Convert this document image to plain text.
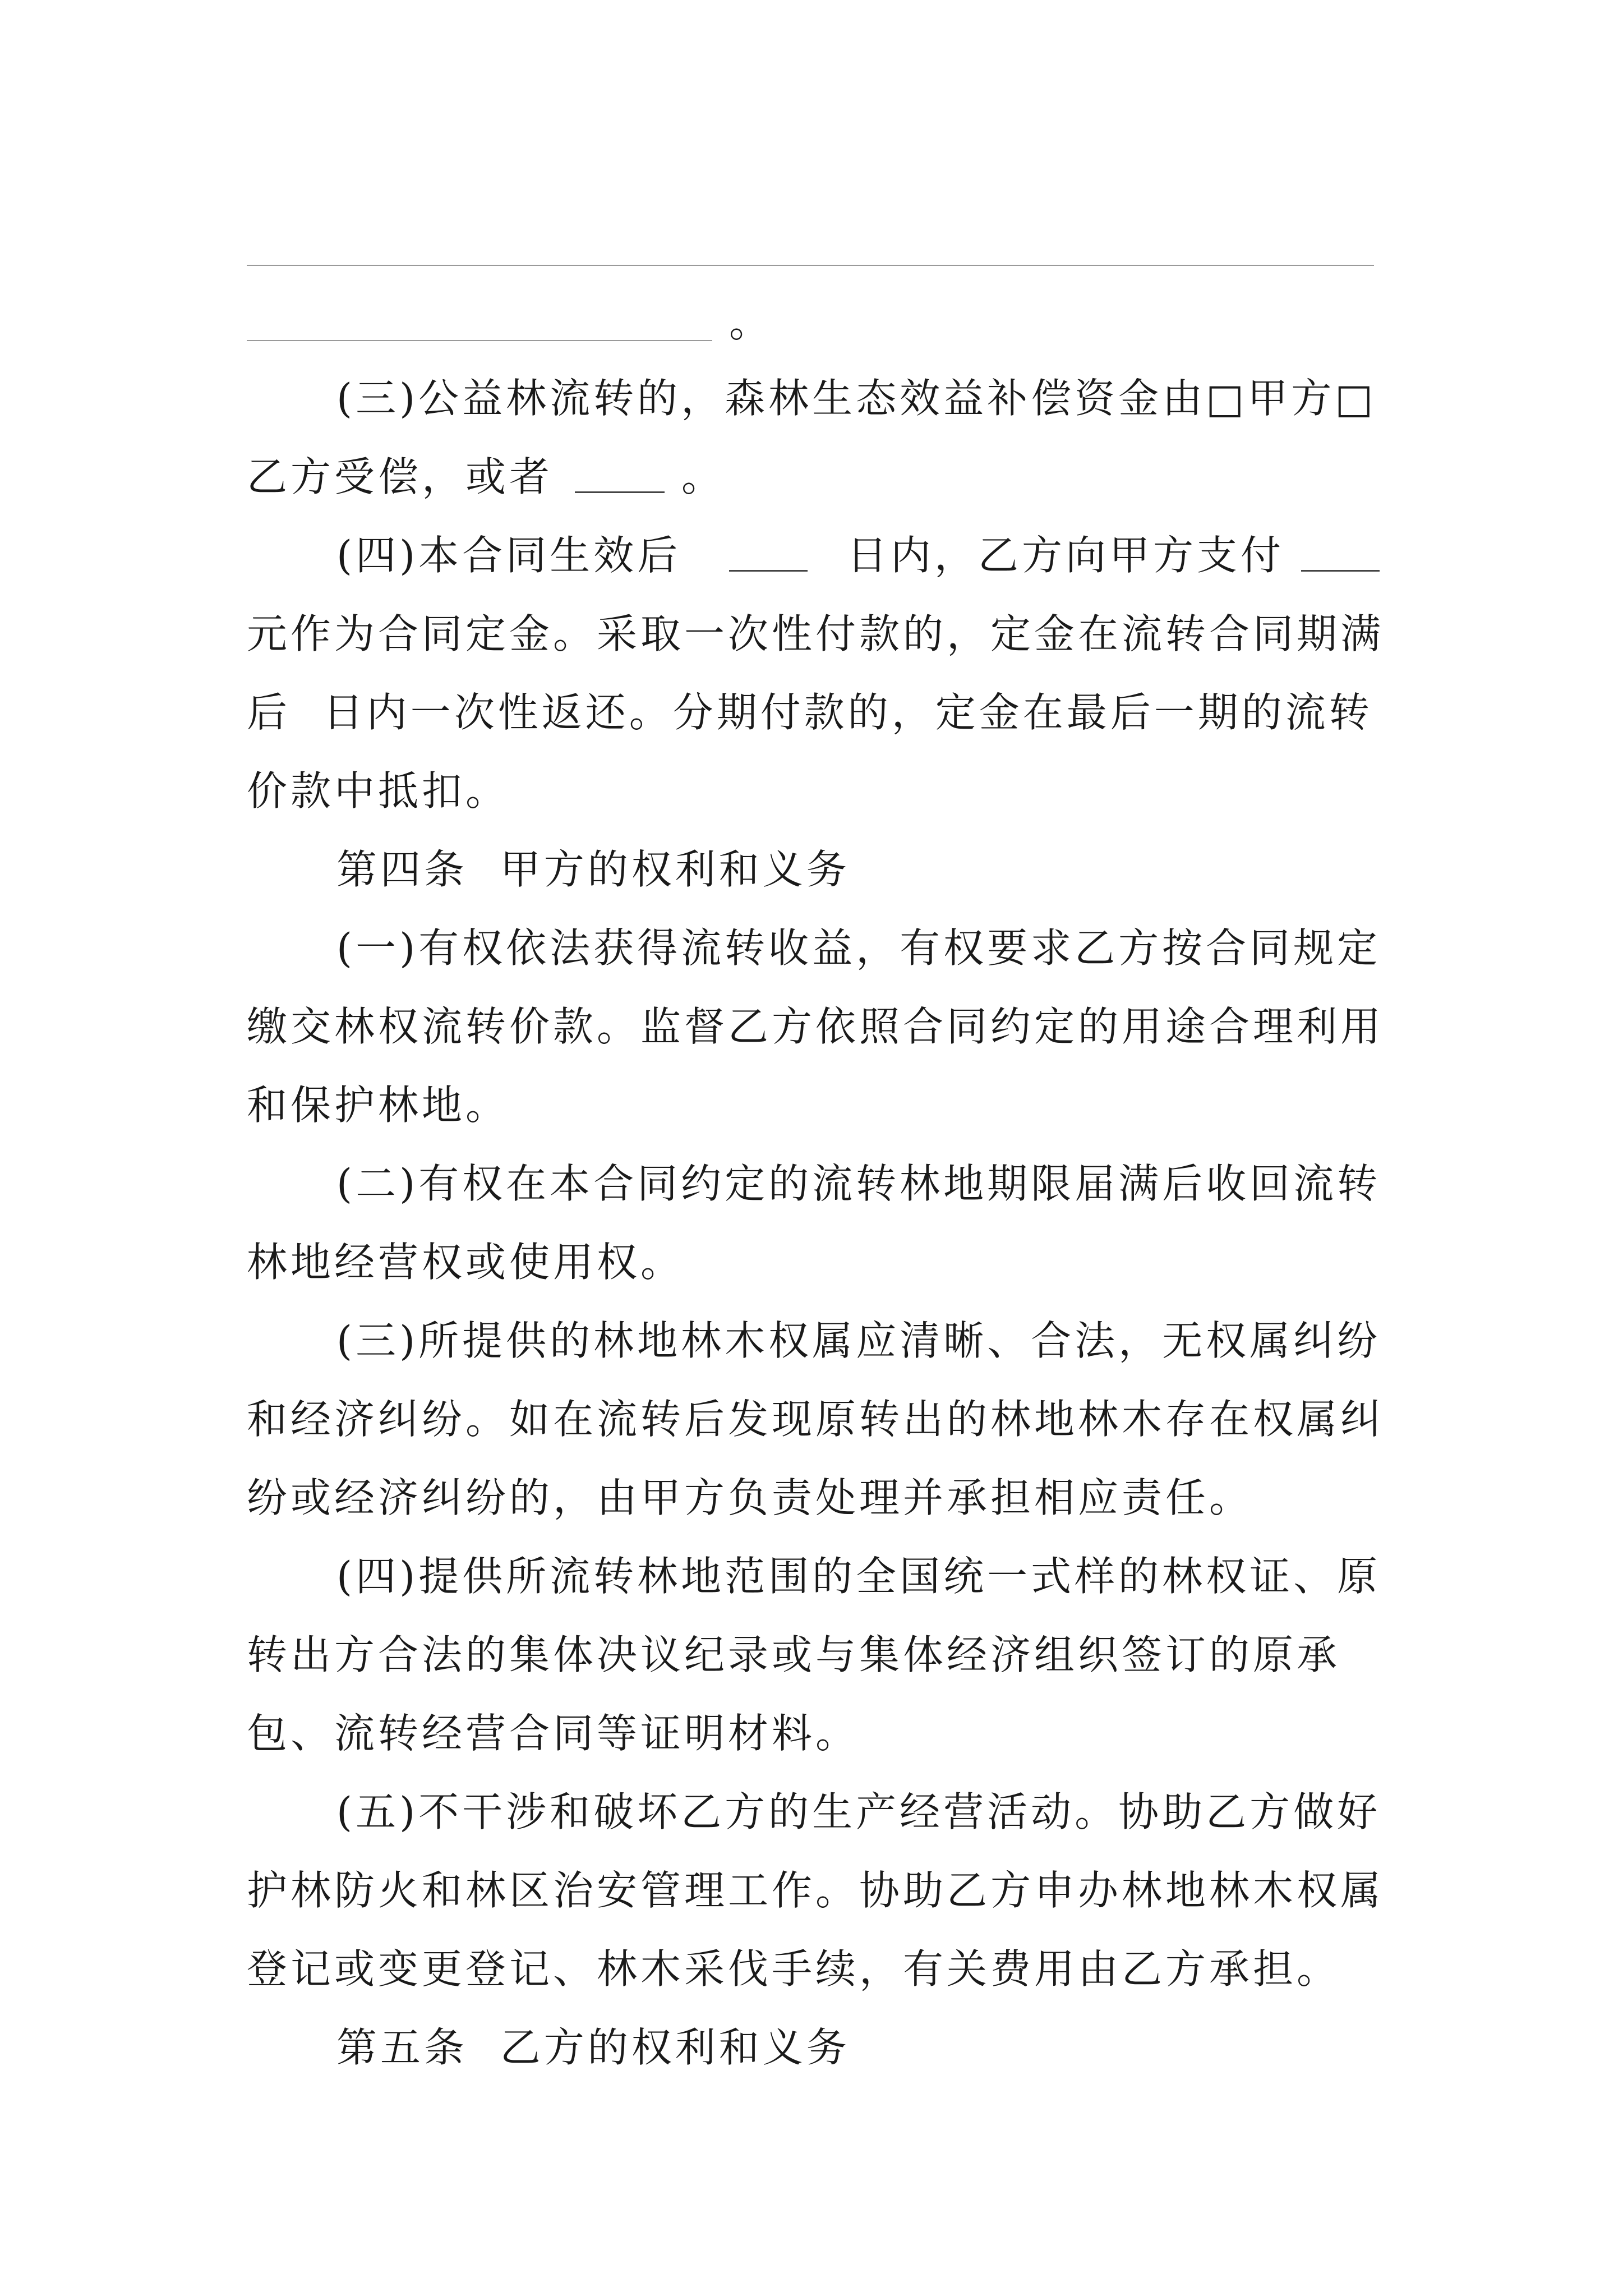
。
(三)公益林流转的，森林生态效益补偿资金由□甲方□
乙方受偿，或者	。
(四)本合同生效后	日内，乙方向甲方支付
元作为合同定金。采取一次性付款的，定金在流转合同期满
后  日内一次性返还。分期付款的，定金在最后一期的流转
价款中抵扣。
第四条  甲方的权利和义务
(一)有权依法获得流转收益，有权要求乙方按合同规定
缴交林权流转价款。监督乙方依照合同约定的用途合理利用
和保护林地。
(二)有权在本合同约定的流转林地期限届满后收回流转
林地经营权或使用权。
(三)所提供的林地林木权属应清晰、合法，无权属纠纷
和经济纠纷。如在流转后发现原转出的林地林木存在权属纠
纷或经济纠纷的，由甲方负责处理并承担相应责任。
(四)提供所流转林地范围的全国统一式样的林权证、原
转出方合法的集体决议纪录或与集体经济组织签订的原承
包、流转经营合同等证明材料。
(五)不干涉和破坏乙方的生产经营活动。协助乙方做好
护林防火和林区治安管理工作。协助乙方申办林地林木权属
登记或变更登记、林木采伐手续，有关费用由乙方承担。
第五条  乙方的权利和义务
